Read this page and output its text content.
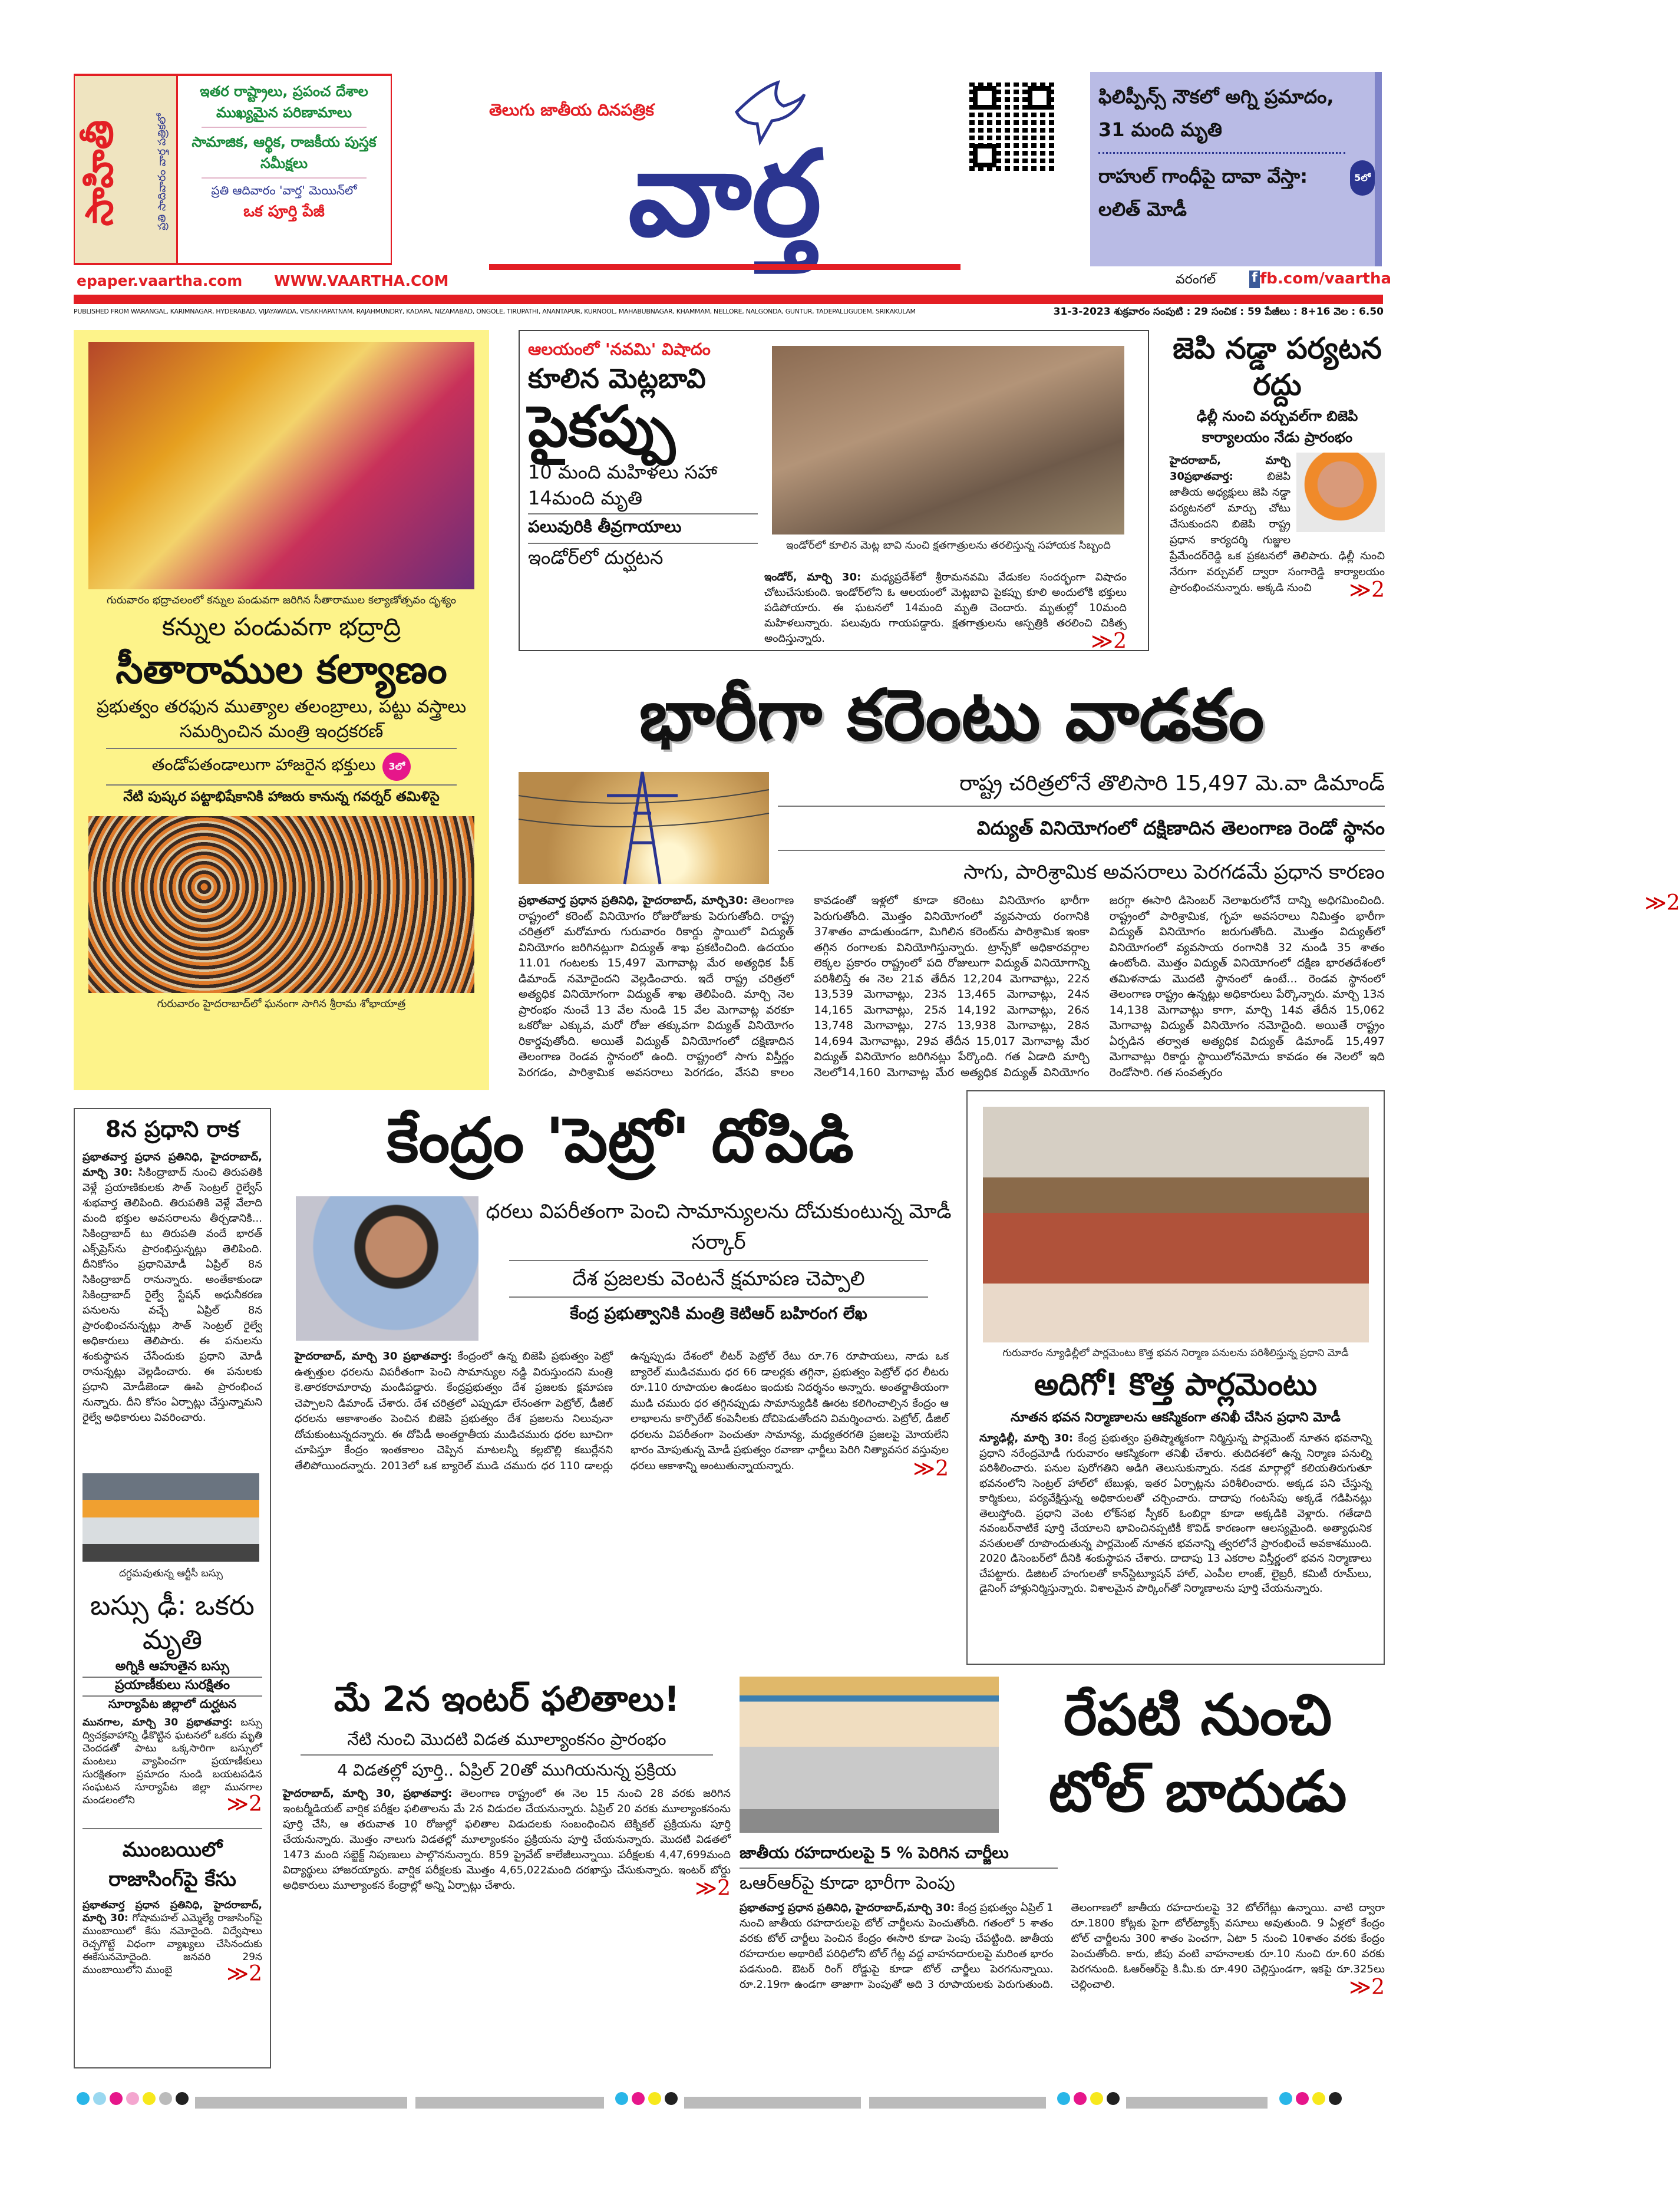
సాహితీ	ప్రతి సాదివారం వార్త పత్రికలో
ఇతర రాష్ట్రాలు, ప్రపంచ దేశాల ముఖ్యమైన పరిణామాలు
సామాజిక, ఆర్థిక, రాజకీయ పుస్తక సమీక్షలు
ప్రతి ఆదివారం 'వార్త' మెయిన్‌లో
ఒక పూర్తి పేజీ
తెలుగు జాతీయ దినపత్రిక
వార్త
ఫిలిప్పీన్స్ నౌకలో అగ్ని ప్రమాదం, 31 మంది మృతి
రాహుల్ గాంధీపై దావా వేస్తా: లలిత్ మోడీ
5లో
epaper.vaartha.com WWW.VAARTHA.COM	వరంగల్	f fb.com/vaartha
PUBLISHED FROM WARANGAL, KARIMNAGAR, HYDERABAD, VIJAYAWADA, VISAKHAPATNAM, RAJAHMUNDRY, KADAPA, NIZAMABAD, ONGOLE, TIRUPATHI, ANANTAPUR, KURNOOL, MAHABUBNAGAR, KHAMMAM, NELLORE, NALGONDA, GUNTUR, TADEPALLIGUDEM, SRIKAKULAM	31-3-2023 శుక్రవారం సంపుటి : 29 సంచిక : 59 పేజీలు : 8+16 వెల : 6.50
గురువారం భద్రాచలంలో కన్నుల పండువగా జరిగిన సీతారాముల కల్యాణోత్సవం దృశ్యం
కన్నుల పండువగా భద్రాద్రి
సీతారాముల కల్యాణం
ప్రభుత్వం తరఫున ముత్యాల తలంబ్రాలు, పట్టు వస్త్రాలు సమర్పించిన మంత్రి ఇంద్రకరణ్
తండోపతండాలుగా హాజరైన భక్తులు	3లో
నేటి పుష్కర పట్టాభిషేకానికి హాజరు కానున్న గవర్నర్ తమిళిసై
గురువారం హైదరాబాద్‌లో ఘనంగా సాగిన శ్రీరామ శోభాయాత్ర
ఆలయంలో 'నవమి' విషాదం
కూలిన మెట్లబావి
పైకప్పు
10 మంది మహిళలు సహా 14మంది మృతి
పలువురికి తీవ్రగాయాలు
ఇండోర్‌లో దుర్ఘటన
ఇండోర్‌లో కూలిన మెట్ల బావి నుంచి క్షతగాత్రులను తరలిస్తున్న సహాయక సిబ్బంది
ఇండోర్, మార్చి 30: మధ్యప్రదేశ్‌లో శ్రీరామనవమి వేడుకల సందర్భంగా విషాదం చోటుచేసుకుంది. ఇండోర్‌లోని ఓ ఆలయంలో మెట్లబావి పైకప్పు కూలి అందులోకి భక్తులు పడిపోయారు. ఈ ఘటనలో 14మంది మృతి చెందారు. మృతుల్లో 10మంది మహిళలున్నారు. పలువురు గాయపడ్డారు. క్షతగాత్రులను ఆస్పత్రికి తరలించి చికిత్స అందిస్తున్నారు.	≫2
జెపి నడ్డా పర్యటన రద్దు
ఢిల్లీ నుంచి వర్చువల్‌గా బిజెపి కార్యాలయం నేడు ప్రారంభం
హైదరాబాద్, మార్చి 30ప్రభాతవార్త:	బిజెపి జాతీయ అధ్యక్షులు జెపి నడ్డా పర్యటనలో మార్పు చోటు చేసుకుందని బిజెపి రాష్ట్ర ప్రధాన కార్యదర్శి గుజ్జుల ప్రేమేందర్‌రెడ్డి ఒక ప్రకటనలో తెలిపారు. ఢిల్లీ నుంచి నేరుగా వర్చువల్ ద్వారా సంగారెడ్డి కార్యాలయం ప్రారంభించనున్నారు. అక్కడి నుంచి ≫2
భారీగా కరెంటు వాడకం
రాష్ట్ర చరిత్రలోనే తొలిసారి 15,497 మె.వా డిమాండ్
విద్యుత్ వినియోగంలో దక్షిణాదిన తెలంగాణ రెండో స్థానం
సాగు, పారిశ్రామిక అవసరాలు పెరగడమే ప్రధాన కారణం
ప్రభాతవార్త ప్రధాన ప్రతినిధి, హైదరాబాద్, మార్చి30: తెలంగాణ రాష్ట్రంలో కరెంట్ వినియోగం రోజురోజుకు పెరుగుతోంది. రాష్ట్ర చరిత్రలో మరోమారు గురువారం రికార్డు స్థాయిలో విద్యుత్ వినియోగం జరిగినట్లుగా విద్యుత్ శాఖ ప్రకటించింది. ఉదయం 11.01 గంటలకు 15,497 మెగావాట్ల మేర అత్యధిక పీక్ డిమాండ్ నమోదైందని వెల్లడించారు. ఇదే రాష్ట్ర చరిత్రలో అత్యధిక వినియోగంగా విద్యుత్ శాఖ తెలిపింది. మార్చి నెల ప్రారంభం నుంచే 13 వేల నుండి 15 వేల మెగావాట్ల వరకూ ఒకరోజు ఎక్కువ, మరో రోజు తక్కువగా విద్యుత్ వినియోగం రికార్డవుతోంది. అయితే విద్యుత్ వినియోగంలో దక్షిణాదిన తెలంగాణ రెండవ స్థానంలో ఉంది. రాష్ట్రంలో సాగు విస్తీర్ణం పెరగడం, పారిశ్రామిక అవసరాలు పెరగడం, వేసవి కాలం కావడంతో ఇళ్లలో కూడా కరెంటు వినియోగం భారీగా పెరుగుతోంది. మొత్తం వినియోగంలో వ్యవసాయ రంగానికి 37శాతం వాడుతుండగా, మిగిలిన కరెంట్‌ను పారిశ్రామిక ఇంకా తగ్గిన రంగాలకు వినియోగిస్తున్నారు. ట్రాన్స్‌కో అధికారవర్గాల లెక్కల ప్రకారం రాష్ట్రంలో పది రోజులుగా విద్యుత్ వినియోగాన్ని పరిశీలిస్తే ఈ నెల 21వ తేదీన 12,204 మెగావాట్లు, 22న 13,539 మెగావాట్లు, 23న 13,465 మెగావాట్లు, 24న 14,165 మెగావాట్లు, 25న 14,192 మెగావాట్లు, 26న 13,748 మెగావాట్లు, 27న 13,938 మెగావాట్లు, 28న 14,694 మెగావాట్లు, 29వ తేదీన 15,017 మెగావాట్ల మేర విద్యుత్ వినియోగం జరిగినట్లు పేర్కొంది. గత ఏడాది మార్చి నెలలో14,160 మెగావాట్ల మేర అత్యధిక విద్యుత్ వినియోగం జరగ్గా ఈసారి డిసెంబర్ నెలాఖరులోనే దాన్ని అధిగమించింది. రాష్ట్రంలో పారిశ్రామిక, గృహ అవసరాలు నిమిత్తం భారీగా విద్యుత్ వినియోగం జరుగుతోంది. మొత్తం విద్యుత్‌లో వినియోగంలో వ్యవసాయ రంగానికి 32 నుండి 35 శాతం ఉంటోంది. మొత్తం విద్యుత్ వినియోగంలో దక్షిణ భారతదేశంలో తమిళనాడు మొదటి స్థానంలో ఉంటే... రెండవ స్థానంలో తెలంగాణ రాష్ట్రం ఉన్నట్లు అధికారులు పేర్కొన్నారు. మార్చి 13న 14,138 మెగావాట్లు కాగా, మార్చి 14వ తేదీన 15,062 మెగావాట్ల విద్యుత్ వినియోగం నమోదైంది. అయితే రాష్ట్రం ఏర్పడిన తర్వాత అత్యధిక విద్యుత్ డిమాండ్ 15,497 మెగావాట్లు రికార్డు స్థాయిలోనమోదు కావడం ఈ నెలలో ఇది రెండోసారి. గత సంవత్సరం
≫2
8న ప్రధాని రాక
ప్రభాతవార్త ప్రధాన ప్రతినిధి, హైదరాబాద్, మార్చి 30: సికింద్రాబాద్ నుంచి తిరుపతికి వెళ్లే ప్రయాణికులకు సౌత్ సెంట్రల్ రైల్వేస్ శుభవార్త తెలిపింది. తిరుపతికి వెళ్లే వేలాది మంది భక్తుల అవసరాలను తీర్చడానికి... సికింద్రాబాద్ టు తిరుపతి వందే భారత్ ఎక్స్‌ప్రెస్‌ను ప్రారంభిస్తున్నట్లు తెలిపింది. దీనికోసం ప్రధానిమోడీ ఏప్రిల్ 8న సికింద్రాబాద్ రానున్నారు. అంతేకాకుండా సికింద్రాబాద్ రైల్వే స్టేషన్ అధునీకరణ పనులను వచ్చే ఏప్రిల్ 8న ప్రారంభించనున్నట్లు సౌత్ సెంట్రల్ రైల్వే అధికారులు తెలిపారు. ఈ పనులను శంకుస్థాపన చేసేందుకు ప్రధాని మోడీ రానున్నట్లు వెల్లడించారు. ఈ పనులకు ప్రధాని మోడీజెండా ఊపి ప్రారంభించ నున్నారు. దీని కోసం ఏర్పాట్లు చేస్తున్నామని రైల్వే అధికారులు వివరించారు.
దగ్ధమవుతున్న ఆర్టీసీ బస్సు
బస్సు ఢీ: ఒకరు మృతి
అగ్నికి ఆహుతైన బస్సు
ప్రయాణీకులు సురక్షితం
సూర్యాపేట జిల్లాలో దుర్ఘటన
మునగాల, మార్చి 30 ప్రభాతవార్త: బస్సు ద్విచక్రవాహాన్ని ఢీకొట్టిన ఘటనలో ఒకరు మృతి చెందడతో పాటు ఒక్కసారిగా బస్సులో మంటలు వ్యాపించగా ప్రయాణీకులు సురక్షితంగా ప్రమాదం నుండి బయటపడిన సంఘటన సూర్యాపేట జిల్లా మునగాల మండలంలోని	≫2
ముంబయిలో రాజాసింగ్‌పై కేసు
ప్రభాతవార్త ప్రధాన ప్రతినిధి, హైదరాబాద్, మార్చి 30: గోషామహల్ ఎమ్మెల్యే రాజాసింగ్‌పై ముంబాయిలో కేసు నమోదైంది. విద్వేషాలు రెచ్చగొట్టే విధంగా వ్యాఖ్యలు చేసినందుకు ఈకేసునమోదైంది. జనవరి 29న ముంబాయిలోని ముంబై	≫2
కేంద్రం 'పెట్రో' దోపిడి
ధరలు విపరీతంగా పెంచి సామాన్యులను దోచుకుంటున్న మోడీ సర్కార్
దేశ ప్రజలకు వెంటనే క్షమాపణ చెప్పాలి
కేంద్ర ప్రభుత్వానికి మంత్రి కెటిఆర్ బహిరంగ లేఖ
హైదరాబాద్, మార్చి 30 ప్రభాతవార్త: కేంద్రంలో ఉన్న బిజెపి ప్రభుత్వం పెట్రో ఉత్పత్తుల ధరలను విపరీతంగా పెంచి సామాన్యుల నడ్డి విరుస్తుందని మంత్రి కె.తారకరామారావు మండిపడ్డారు. కేంద్రప్రభుత్వం దేశ ప్రజలకు క్షమాపణ చెప్పాలని డిమాండ్ చేశారు. దేశ చరిత్రలో ఎప్పుడూ లేనంతగా పెట్రోల్, డీజిల్ ధరలను ఆకాశాంతం పెంచిన బిజెపి ప్రభుత్వం దేశ ప్రజలను నిలువునా దోచుకుంటున్నదన్నారు. ఈ దోపిడీ అంతర్జాతీయ ముడిచమురు ధరల బూచిగా చూపిస్తూ కేంద్రం ఇంతకాలం చెప్పిన మాటలన్నీ కల్లబొల్లి కబుర్లేనని తేలిపోయిందన్నారు. 2013లో ఒక బ్యారెల్ ముడి చమురు ధర 110 డాలర్లు ఉన్నప్పుడు దేశంలో లీటర్ పెట్రోల్ రేటు రూ.76 రూపాయలు, నాడు ఒక బ్యారెల్ ముడిచమురు ధర 66 డాలర్లకు తగ్గినా, ప్రభుత్వం పెట్రోల్ ధర లీటరు రూ.110 రూపాయల ఉండటం ఇందుకు నిదర్శనం అన్నారు. అంతర్జాతీయంగా ముడి చమురు ధర తగ్గినప్పుడు సామాన్యుడికి ఊరట కలిగించాల్సిన కేంద్రం ఆ లాభాలను కార్పొరేట్ కంపెనీలకు దోచిపెడుతోందని విమర్శించారు. పెట్రోల్, డీజిల్ ధరలను విపరీతంగా పెంచుతూ సామాన్య, మధ్యతరగతి ప్రజలపై మోయలేని భారం మోపుతున్న మోడీ ప్రభుత్వం రవాణా ఛార్జీలు పెరిగి నిత్యావసర వస్తువుల ధరలు ఆకాశాన్ని అంటుతున్నాయన్నారు.	≫2
గురువారం న్యూఢిల్లీలో పార్లమెంటు కొత్త భవన నిర్మాణ పనులను పరిశీలిస్తున్న ప్రధాని మోడీ
అదిగో! కొత్త పార్లమెంటు
నూతన భవన నిర్మాణాలను ఆకస్మికంగా తనిఖీ చేసిన ప్రధాని మోడీ
న్యూఢిల్లీ, మార్చి 30: కేంద్ర ప్రభుత్వం ప్రతిష్మాత్మకంగా నిర్మిస్తున్న పార్లమెంట్ నూతన భవనాన్ని ప్రధాని నరేంద్రమోడీ గురువారం ఆకస్మికంగా తనిఖీ చేశారు. తుదిదశలో ఉన్న నిర్మాణ పనుల్ని పరిశీలించారు. పనుల పురోగతిని అడిగి తెలుసుకున్నారు. నడక మార్గాల్లో కలియతిరుగుతూ భవనంలోని సెంట్రల్ హాల్‌లో టేబుళ్లు, ఇతర ఏర్పాట్లను పరిశీలించారు. అక్కడ పని చేస్తున్న కార్మికులు, పర్యవేక్షిస్తున్న అధికారులతో చర్చించారు. దాదాపు గంటసేపు అక్కడే గడిపినట్లు తెలుస్తోంది. ప్రధాని వెంట లోక్‌సభ స్పీకర్ ఓంబిర్లా కూడా అక్కడికి వెళ్లారు. గతేడాది నవంబర్‌నాటికే పూర్తి చేయాలని భావించినప్పటికీ కొవిడ్ కారణంగా ఆలస్యమైంది. అత్యాధునిక వసతులతో రూపొందుతున్న పార్లమెంట్ నూతన భవనాన్ని త్వరలోనే ప్రారంభించే అవకాశముంది. 2020 డిసెంబర్‌లో దీనికి శంకుస్థాపన చేశారు. దాదాపు 13 ఎకరాల విస్తీర్ణంలో భవన నిర్మాణాలు చేపట్టారు. డిజిటల్ హంగులతో కాన్‌స్టిట్యూషన్ హాల్, ఎంపీల లాంజ్, లైబ్రరీ, కమిటీ రూమ్‌లు, డైనింగ్ హాళ్లునిర్మిస్తున్నారు. విశాలమైన పార్కింగ్‌తో నిర్మాణాలను పూర్తి చేయనున్నారు.
మే 2న ఇంటర్ ఫలితాలు!
నేటి నుంచి మొదటి విడత మూల్యాంకనం ప్రారంభం
4 విడతల్లో పూర్తి.. ఏప్రిల్ 20తో ముగియనున్న ప్రక్రియ
హైదరాబాద్, మార్చి 30, ప్రభాతవార్త: తెలంగాణ రాష్ట్రంలో ఈ నెల 15 నుంచి 28 వరకు జరిగిన ఇంటర్మీడియట్ వార్షిక పరీక్షల ఫలితాలను మే 2న విడుదల చేయనున్నారు. ఏప్రిల్ 20 వరకు మూల్యాంకనంను పూర్తి చేసి, ఆ తరువాత 10 రోజుల్లో ఫలితాల విడుదలకు సంబంధించిన టెక్నికల్ ప్రక్రియను పూర్తి చేయనున్నారు. మొత్తం నాలుగు విడతల్లో మూల్యాంకనం ప్రక్రియను పూర్తి చేయనున్నారు. మొదటి విడతలో 1473 మంది సబ్జెక్ట్ నిపుణులు పాల్గొననున్నారు. 859 ప్రైవేట్ కాలేజీలున్నాయి. పరీక్షలకు 4,47,699మంది విద్యార్థులు హాజరయ్యారు. వార్షిక పరీక్షలకు మొత్తం 4,65,022మంది దరఖాస్తు చేసుకున్నారు. ఇంటర్ బోర్డు అధికారులు మూల్యాంకన కేంద్రాల్లో అన్ని ఏర్పాట్లు చేశారు.	≫2
రేపటి నుంచి టోల్ బాదుడు
జాతీయ రహదారులపై 5 % పెరిగిన చార్జీలు
ఒఆర్ఆర్‌పై కూడా భారీగా పెంపు
ప్రభాతవార్త ప్రధాన ప్రతినిధి, హైదరాబాద్,మార్చి 30: కేంద్ర ప్రభుత్వం ఏప్రిల్ 1 నుంచి జాతీయ రహదారులపై టోల్ చార్జీలను పెంచుతోంది. గతంలో 5 శాతం వరకు టోల్ చార్జీలు పెంచిన కేంద్రం ఈసారి కూడా పెంపు చేపట్టింది. జాతీయ రహదారుల అథారిటీ పరిధిలోని టోల్ గేట్ల వద్ద వాహనదారులపై మరింత భారం పడనుంది. ఔటర్ రింగ్ రోడ్డుపై కూడా టోల్ చార్జీలు పెరగనున్నాయి. రూ.2.19గా ఉండగా తాజాగా పెంపుతో అది 3 రూపాయలకు పెరుగుతుంది. తెలంగాణలో జాతీయ రహదారులపై 32 టోల్‌గేట్లు ఉన్నాయి. వాటి ద్వారా రూ.1800 కోట్లకు పైగా టోల్‌ట్యాక్స్ వసూలు అవుతుంది. 9 ఏళ్లలో కేంద్రం టోల్ చార్జీలను 300 శాతం పెంచగా, ఏటా 5 నుంచి 10శాతం వరకు కేంద్రం పెంచుతోంది. కారు, జీపు వంటి వాహనాలకు రూ.10 నుంచి రూ.60 వరకు పెరగనుంది. ఓఆర్ఆర్‌పై కి.మీ.కు రూ.490 చెల్లిస్తుండగా, ఇకపై రూ.325లు చెల్లించాలి.	≫2
